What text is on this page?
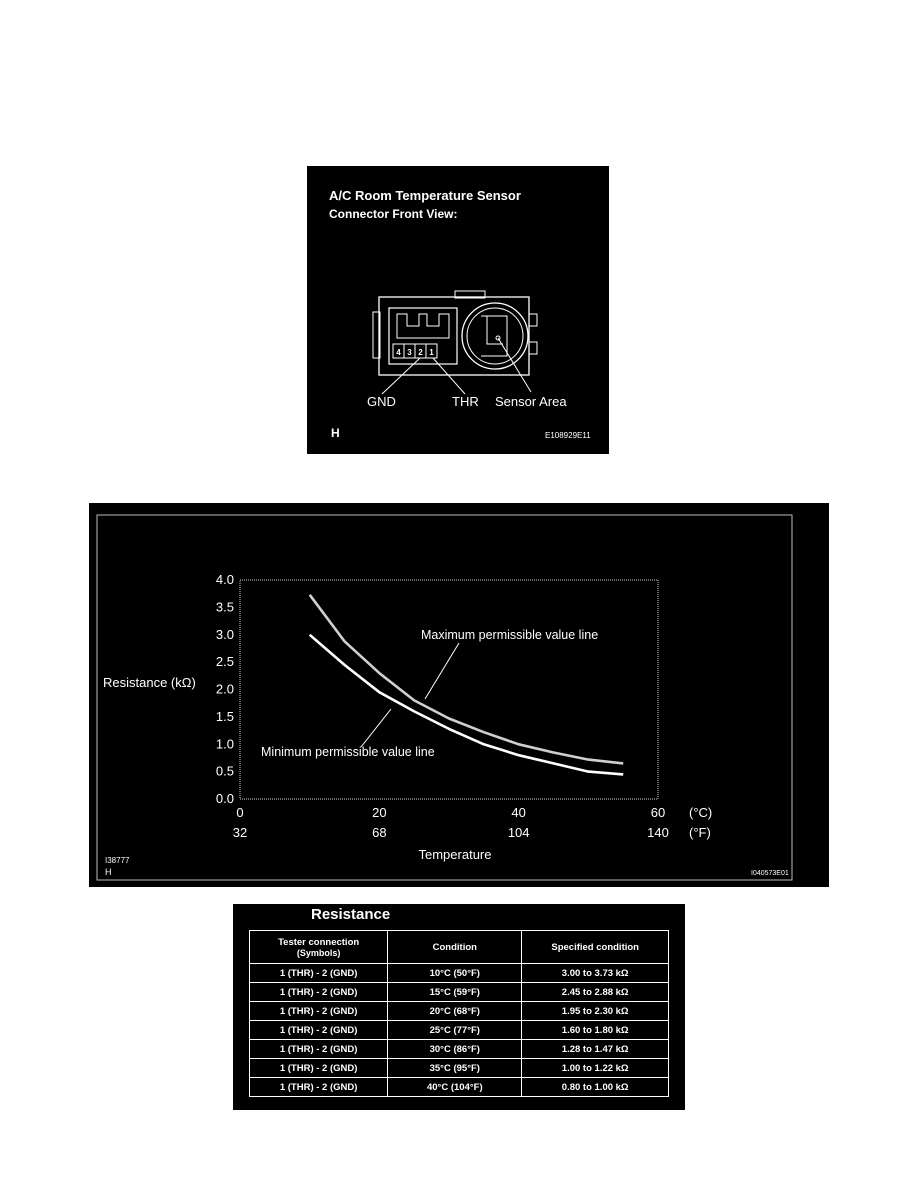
A/C Room Temperature Sensor
Connector Front View:
4 3 2 1
GND	THR Sensor Area
H	E108929E11
0.0
0.5
1.0
1.5
2.0
2.5
3.0
3.5
4.0
0
32
20
68
40
104
60
140
Resistance (kΩ)
Temperature
(°C)
(°F)
Maximum permissible value line
Minimum permissible value line
I38777
H	I040573E01
Resistance
Tester connection
(Symbols)	Condition	Specified condition
1 (THR) - 2 (GND)	10°C (50°F)	3.00 to 3.73 kΩ
1 (THR) - 2 (GND)	15°C (59°F)	2.45 to 2.88 kΩ
1 (THR) - 2 (GND)	20°C (68°F)	1.95 to 2.30 kΩ
1 (THR) - 2 (GND)	25°C (77°F)	1.60 to 1.80 kΩ
1 (THR) - 2 (GND)	30°C (86°F)	1.28 to 1.47 kΩ
1 (THR) - 2 (GND)	35°C (95°F)	1.00 to 1.22 kΩ
1 (THR) - 2 (GND)	40°C (104°F)	0.80 to 1.00 kΩ
